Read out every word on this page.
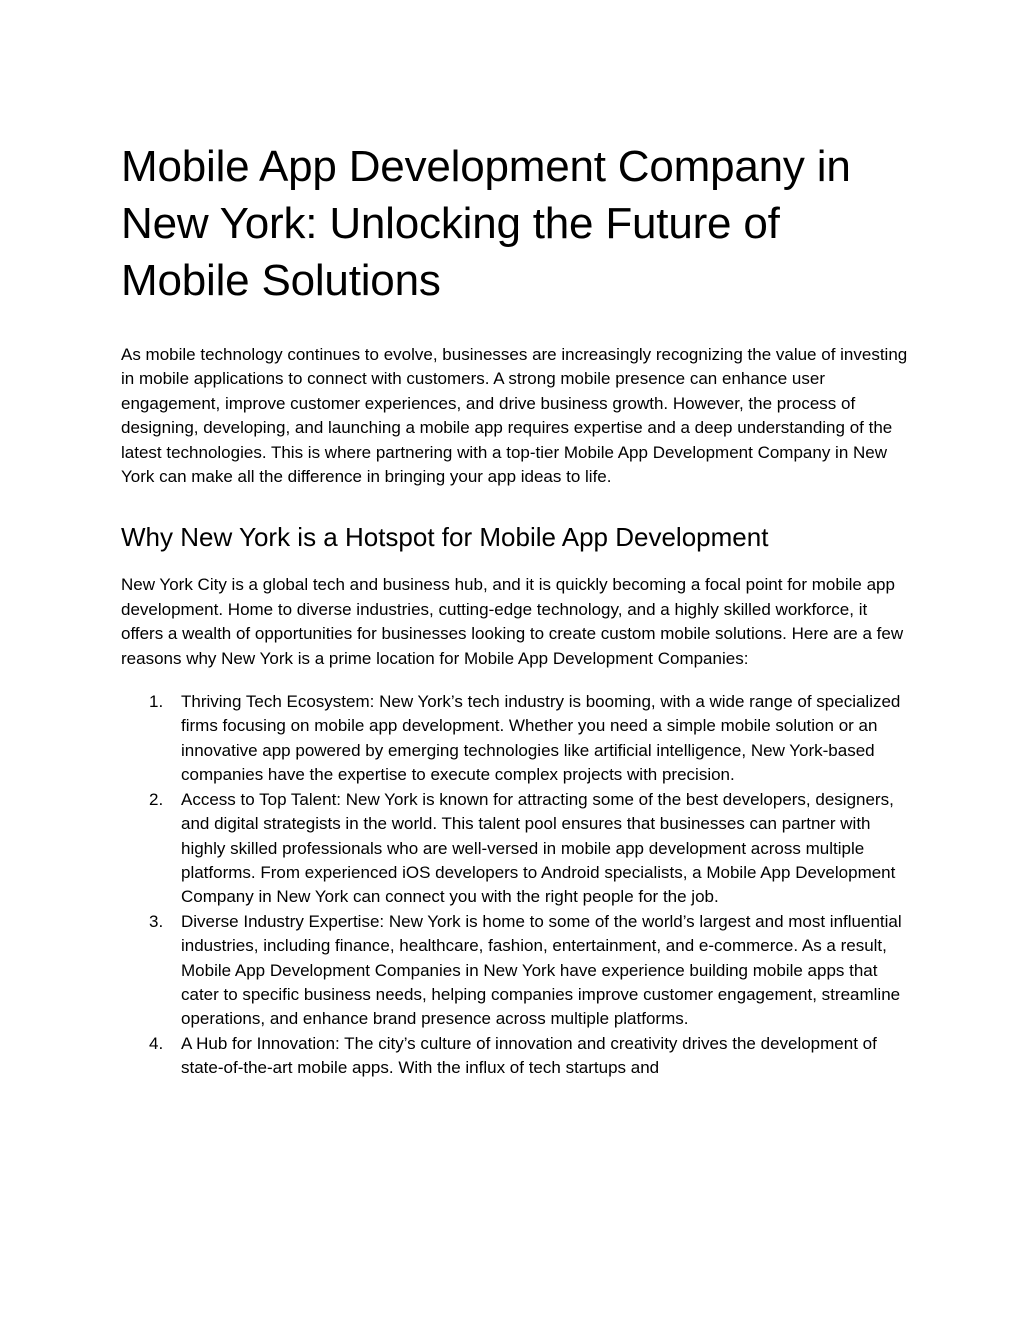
Mobile App Development Company in New York: Unlocking the Future of Mobile Solutions

As mobile technology continues to evolve, businesses are increasingly recognizing the value of investing in mobile applications to connect with customers. A strong mobile presence can enhance user engagement, improve customer experiences, and drive business growth. However, the process of designing, developing, and launching a mobile app requires expertise and a deep understanding of the latest technologies. This is where partnering with a top-tier Mobile App Development Company in New York can make all the difference in bringing your app ideas to life.

Why New York is a Hotspot for Mobile App Development

New York City is a global tech and business hub, and it is quickly becoming a focal point for mobile app development. Home to diverse industries, cutting-edge technology, and a highly skilled workforce, it offers a wealth of opportunities for businesses looking to create custom mobile solutions. Here are a few reasons why New York is a prime location for Mobile App Development Companies:

1. Thriving Tech Ecosystem: New York’s tech industry is booming, with a wide range of specialized firms focusing on mobile app development. Whether you need a simple mobile solution or an innovative app powered by emerging technologies like artificial intelligence, New York-based companies have the expertise to execute complex projects with precision.
2. Access to Top Talent: New York is known for attracting some of the best developers, designers, and digital strategists in the world. This talent pool ensures that businesses can partner with highly skilled professionals who are well-versed in mobile app development across multiple platforms. From experienced iOS developers to Android specialists, a Mobile App Development Company in New York can connect you with the right people for the job.
3. Diverse Industry Expertise: New York is home to some of the world’s largest and most influential industries, including finance, healthcare, fashion, entertainment, and e-commerce. As a result, Mobile App Development Companies in New York have experience building mobile apps that cater to specific business needs, helping companies improve customer engagement, streamline operations, and enhance brand presence across multiple platforms.
4. A Hub for Innovation: The city’s culture of innovation and creativity drives the development of state-of-the-art mobile apps. With the influx of tech startups and
